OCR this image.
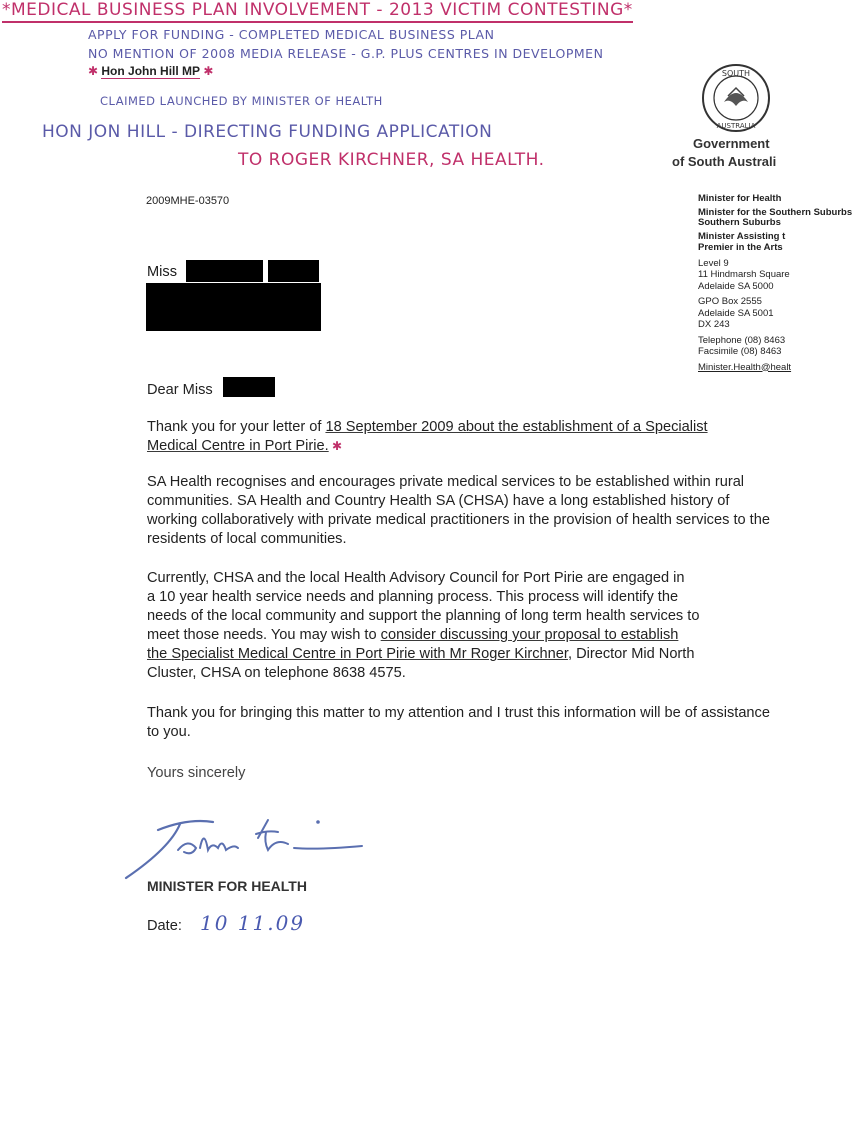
*MEDICAL BUSINESS PLAN INVOLVEMENT - 2013 VICTIM CONTESTING*
APPLY FOR FUNDING - COMPLETED MEDICAL BUSINESS PLAN
NO MENTION OF 2008 MEDIA RELEASE - G.P. PLUS CENTRES IN DEVELOPMEN
✱ Hon John Hill MP ✱
CLAIMED LAUNCHED BY MINISTER OF HEALTH
HON JON HILL - DIRECTING FUNDING APPLICATION
TO ROGER KIRCHNER, SA HEALTH.
SOUTH
AUSTRALIA
Government
of South Australi
2009MHE-03570	Minister for Health
Minister for the Southern Suburbs
Southern Suburbs
Minister Assisting t
Premier in the Arts
Level 9
11 Hindmarsh Square
Adelaide SA 5000
GPO Box 2555
Adelaide SA 5001
DX 243
Telephone (08) 8463
Facsimile (08) 8463
Minister.Health@healt
Miss
Dear Miss
Thank you for your letter of 18 September 2009 about the establishment of a Specialist
Medical Centre in Port Pirie. ✱
SA Health recognises and encourages private medical services to be established within rural communities. SA Health and Country Health SA (CHSA) have a long established history of working collaboratively with private medical practitioners in the provision of health services to the residents of local communities.
Currently, CHSA and the local Health Advisory Council for Port Pirie are engaged in
a 10 year health service needs and planning process. This process will identify the
needs of the local community and support the planning of long term health services to
meet those needs. You may wish to consider discussing your proposal to establish
the Specialist Medical Centre in Port Pirie with Mr Roger Kirchner, Director Mid North
Cluster, CHSA on telephone 8638 4575.
Thank you for bringing this matter to my attention and I trust this information will be of assistance to you.
Yours sincerely
MINISTER FOR HEALTH
Date: 10 11.09
